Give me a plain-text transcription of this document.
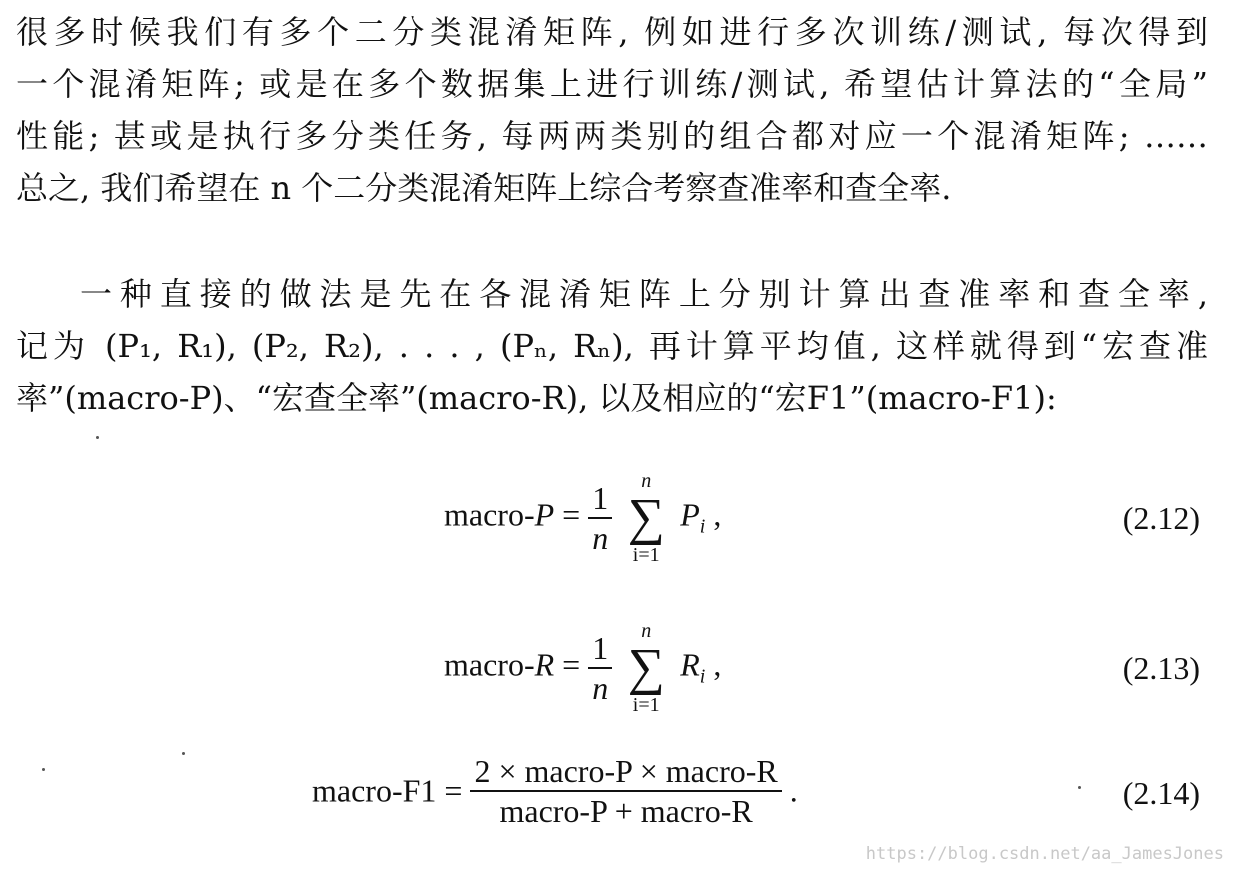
很多时候我们有多个二分类混淆矩阵, 例如进行多次训练/测试, 每次得到
一个混淆矩阵; 或是在多个数据集上进行训练/测试, 希望估计算法的“全局”
性能; 甚或是执行多分类任务, 每两两类别的组合都对应一个混淆矩阵; ……
总之, 我们希望在 n 个二分类混淆矩阵上综合考察查准率和查全率.
一种直接的做法是先在各混淆矩阵上分别计算出查准率和查全率,
记为 (P₁, R₁), (P₂, R₂), . . . , (Pₙ, Rₙ), 再计算平均值, 这样就得到“宏查准
率”(macro-P)、“宏查全率”(macro-R), 以及相应的“宏F1”(macro-F1):
macro-P = $\frac{1}{n}$
	n
∑
i=1
$P_i$ ,	(2.12)
macro-R = $\frac{1}{n}$
	n
∑
i=1
$R_i$ ,	(2.13)
macro-F1 = $\frac{\text{2 × macro-P × macro-R}}{\text{macro-P + macro-R}}$ .	(2.14)
https://blog.csdn.net/aa_JamesJones
